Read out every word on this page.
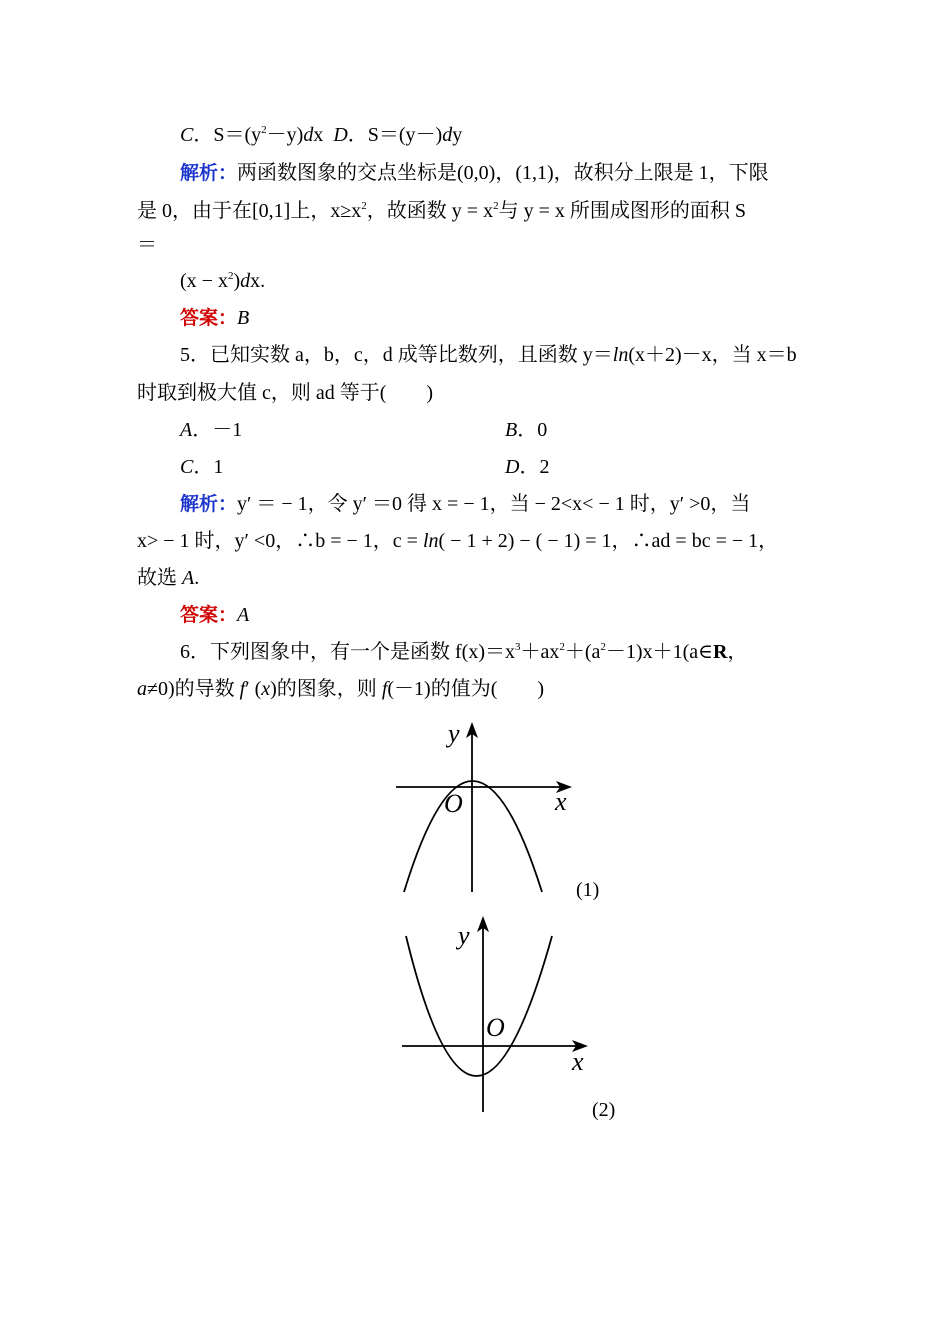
C．$S=(y^2-y)dx$ D．S＝(y－)dy
解析：两函数图象的交点坐标是(0,0)，(1,1)，故积分上限是 1，下限
是 0，由于在[0,1]上，$x\ge x^2$，故函数 $y = x^2$与 y = x 所围成图形的面积 S
＝
$(x - x^2)dx$.
答案：B
5．已知实数 a，b，c，d 成等比数列，且函数 y＝ln(x＋2)－x，当 x＝b
时取到极大值 c，则 ad 等于(　　)
A．－1	B．0
C．1	D．2
解析：y′ ＝ − 1，令 y′ ＝0 得 x = − 1，当 − 2<x< − 1 时，y′ >0，当
x> − 1 时，y′ <0，∴b = − 1，c = ln( − 1 + 2) − ( − 1) = 1，∴ad = bc = − 1，
故选 A.
答案：A
6．下列图象中，有一个是函数 $f(x)=x^3+ax^2+(a^2-1)x+1(a\in R$，
a≠0)的导数 f′ (x)的图象，则 f(－1)的值为(　　)
y
x
O
(1)
y
x
O
(2)
